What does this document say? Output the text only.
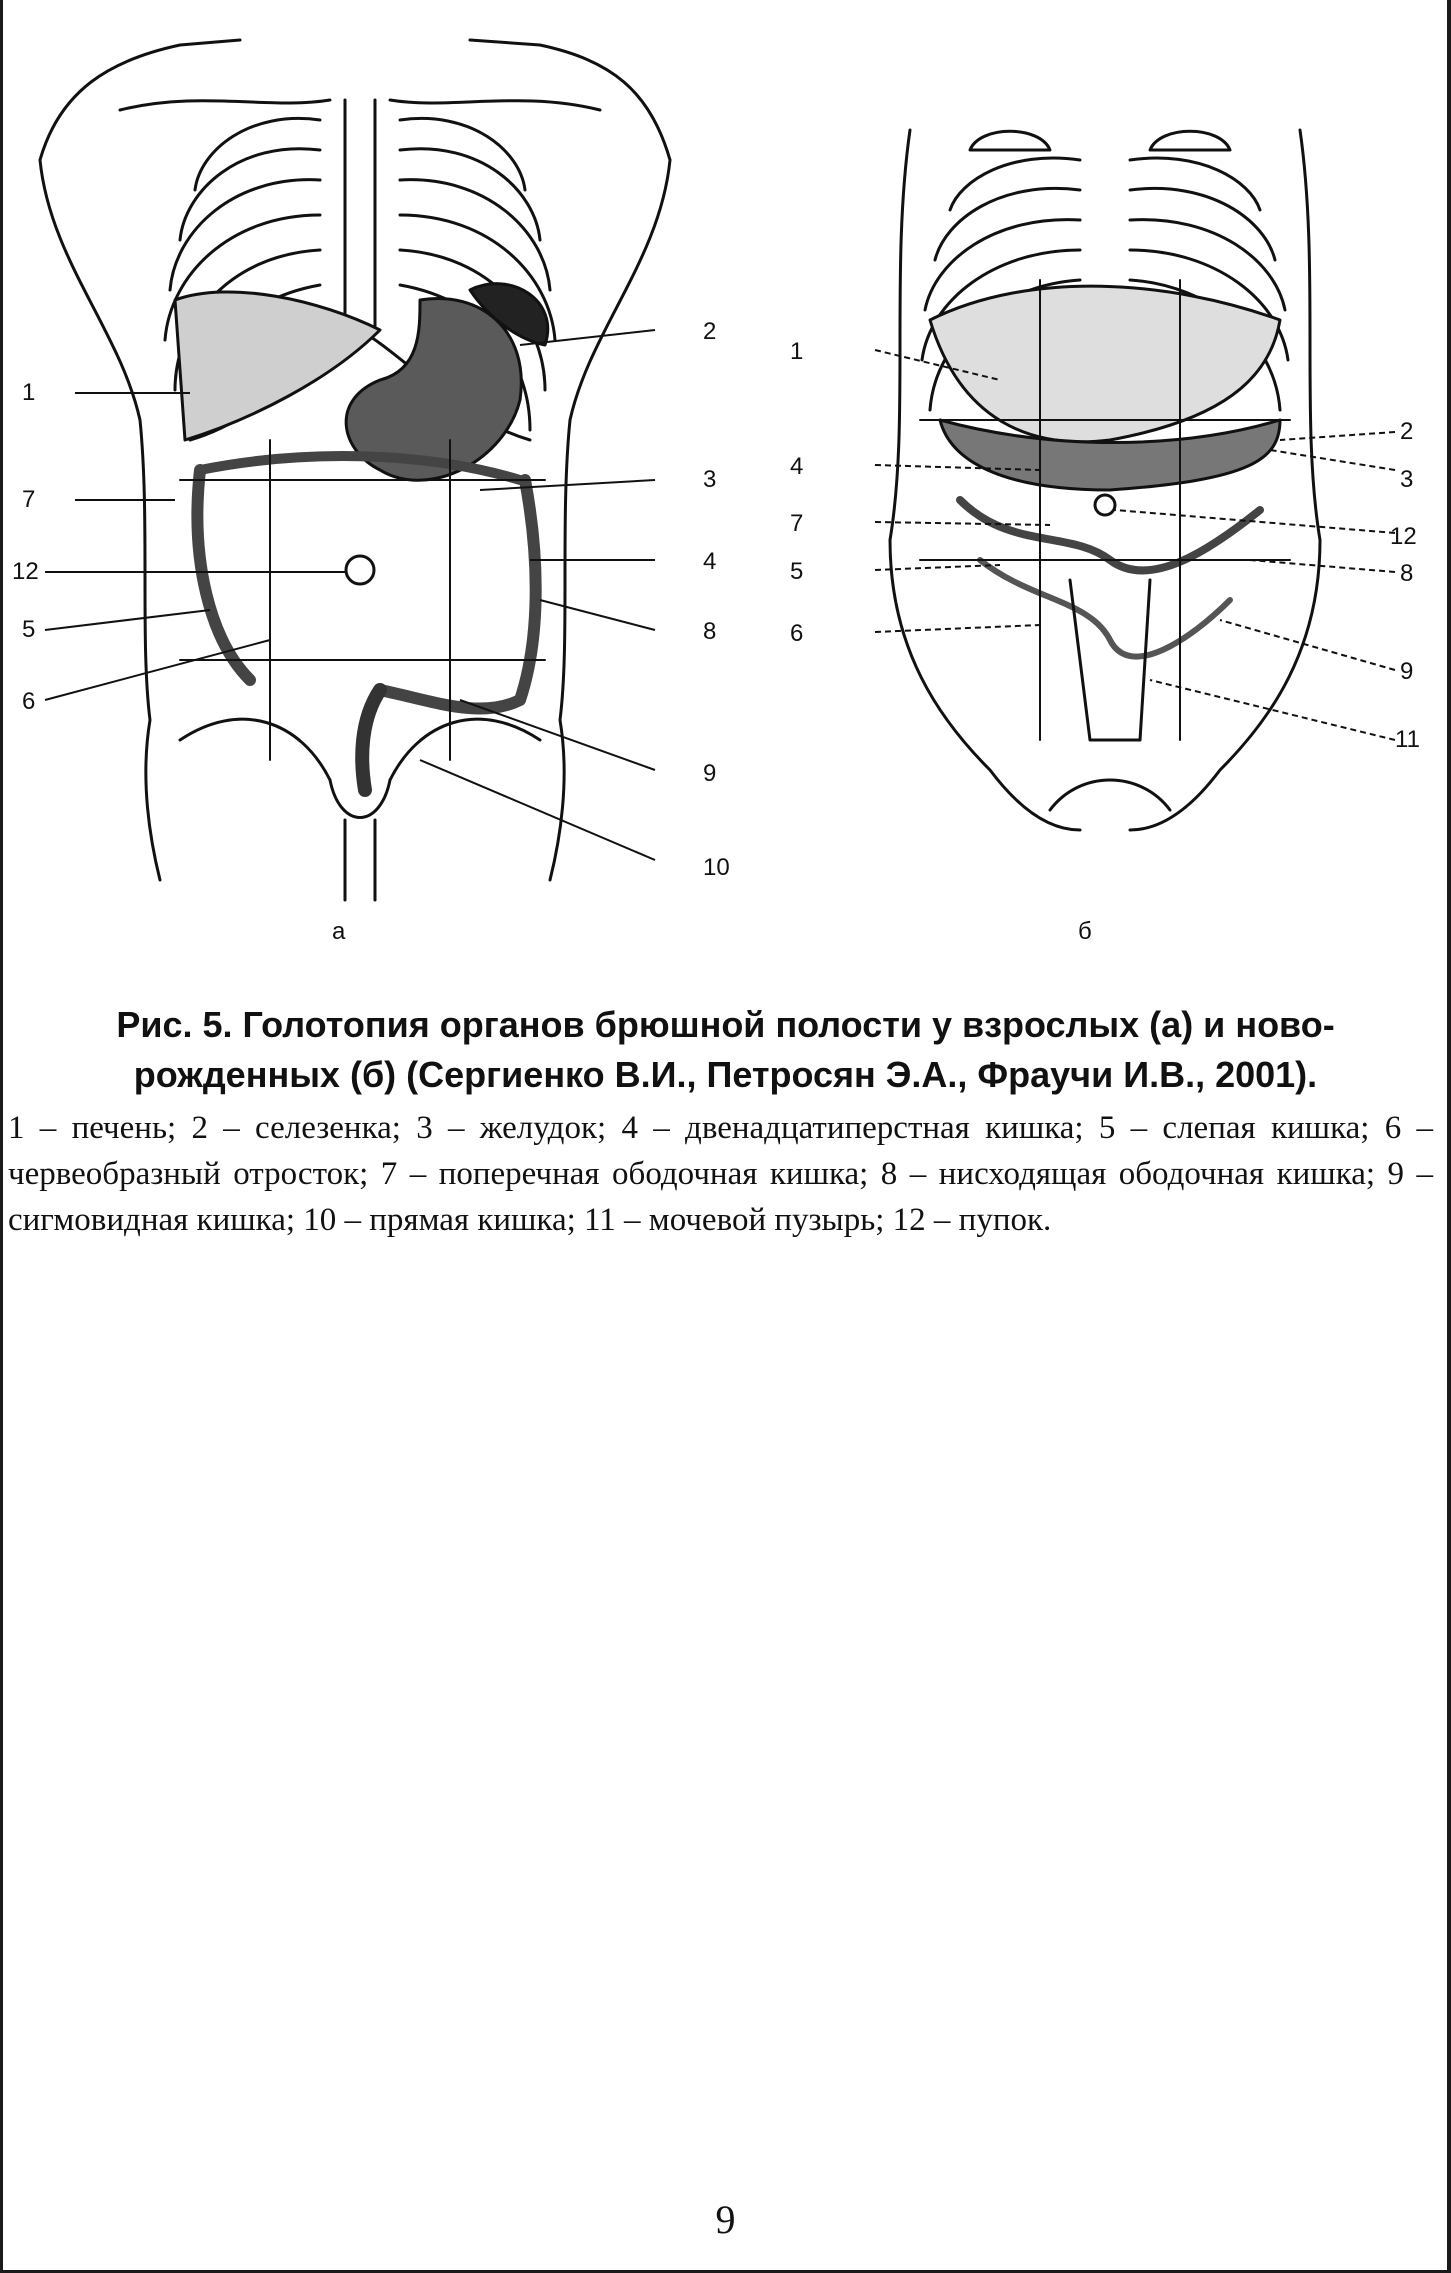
1
7
12
5
6
2
3
4
8
9
10
а
1
4
7
5
6
2
3
12
8
9
11
б
Рис. 5. Голотопия органов брюшной полости у взрослых (а) и ново-
рожденных (б) (Сергиенко В.И., Петросян Э.А., Фраучи И.В., 2001).

1 – печень; 2 – селезенка; 3 – желудок; 4 – двенадцатиперстная кишка; 5 – слепая кишка; 6 – червеобразный отросток; 7 – поперечная ободочная кишка; 8 – нисходящая ободочная кишка; 9 – сигмовидная кишка; 10 – прямая кишка; 11 – мочевой пузырь; 12 – пупок.

9
